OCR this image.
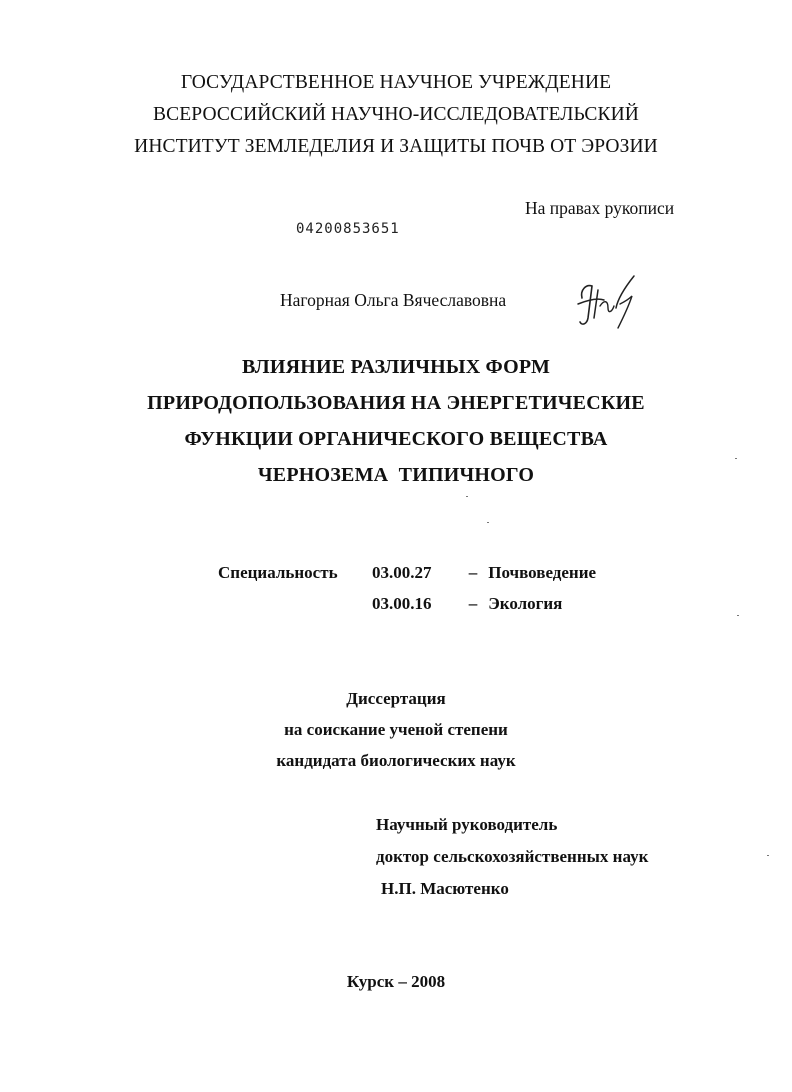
ГОСУДАРСТВЕННОЕ НАУЧНОЕ УЧРЕЖДЕНИЕ
ВСЕРОССИЙСКИЙ НАУЧНО-ИССЛЕДОВАТЕЛЬСКИЙ
ИНСТИТУТ ЗЕМЛЕДЕЛИЯ И ЗАЩИТЫ ПОЧВ ОТ ЭРОЗИИ
На правах рукописи
04200853651
Нагорная Ольга Вячеславовна
ВЛИЯНИЕ РАЗЛИЧНЫХ ФОРМ
ПРИРОДОПОЛЬЗОВАНИЯ НА ЭНЕРГЕТИЧЕСКИЕ
ФУНКЦИИ ОРГАНИЧЕСКОГО ВЕЩЕСТВА
ЧЕРНОЗЕМА  ТИПИЧНОГО
Специальность 03.00.27 – Почвоведение
03.00.16 – Экология
Диссертация
на соискание ученой степени
кандидата биологических наук
Научный руководитель
доктор сельскохозяйственных наук
Н.П. Масютенко
Курск – 2008
